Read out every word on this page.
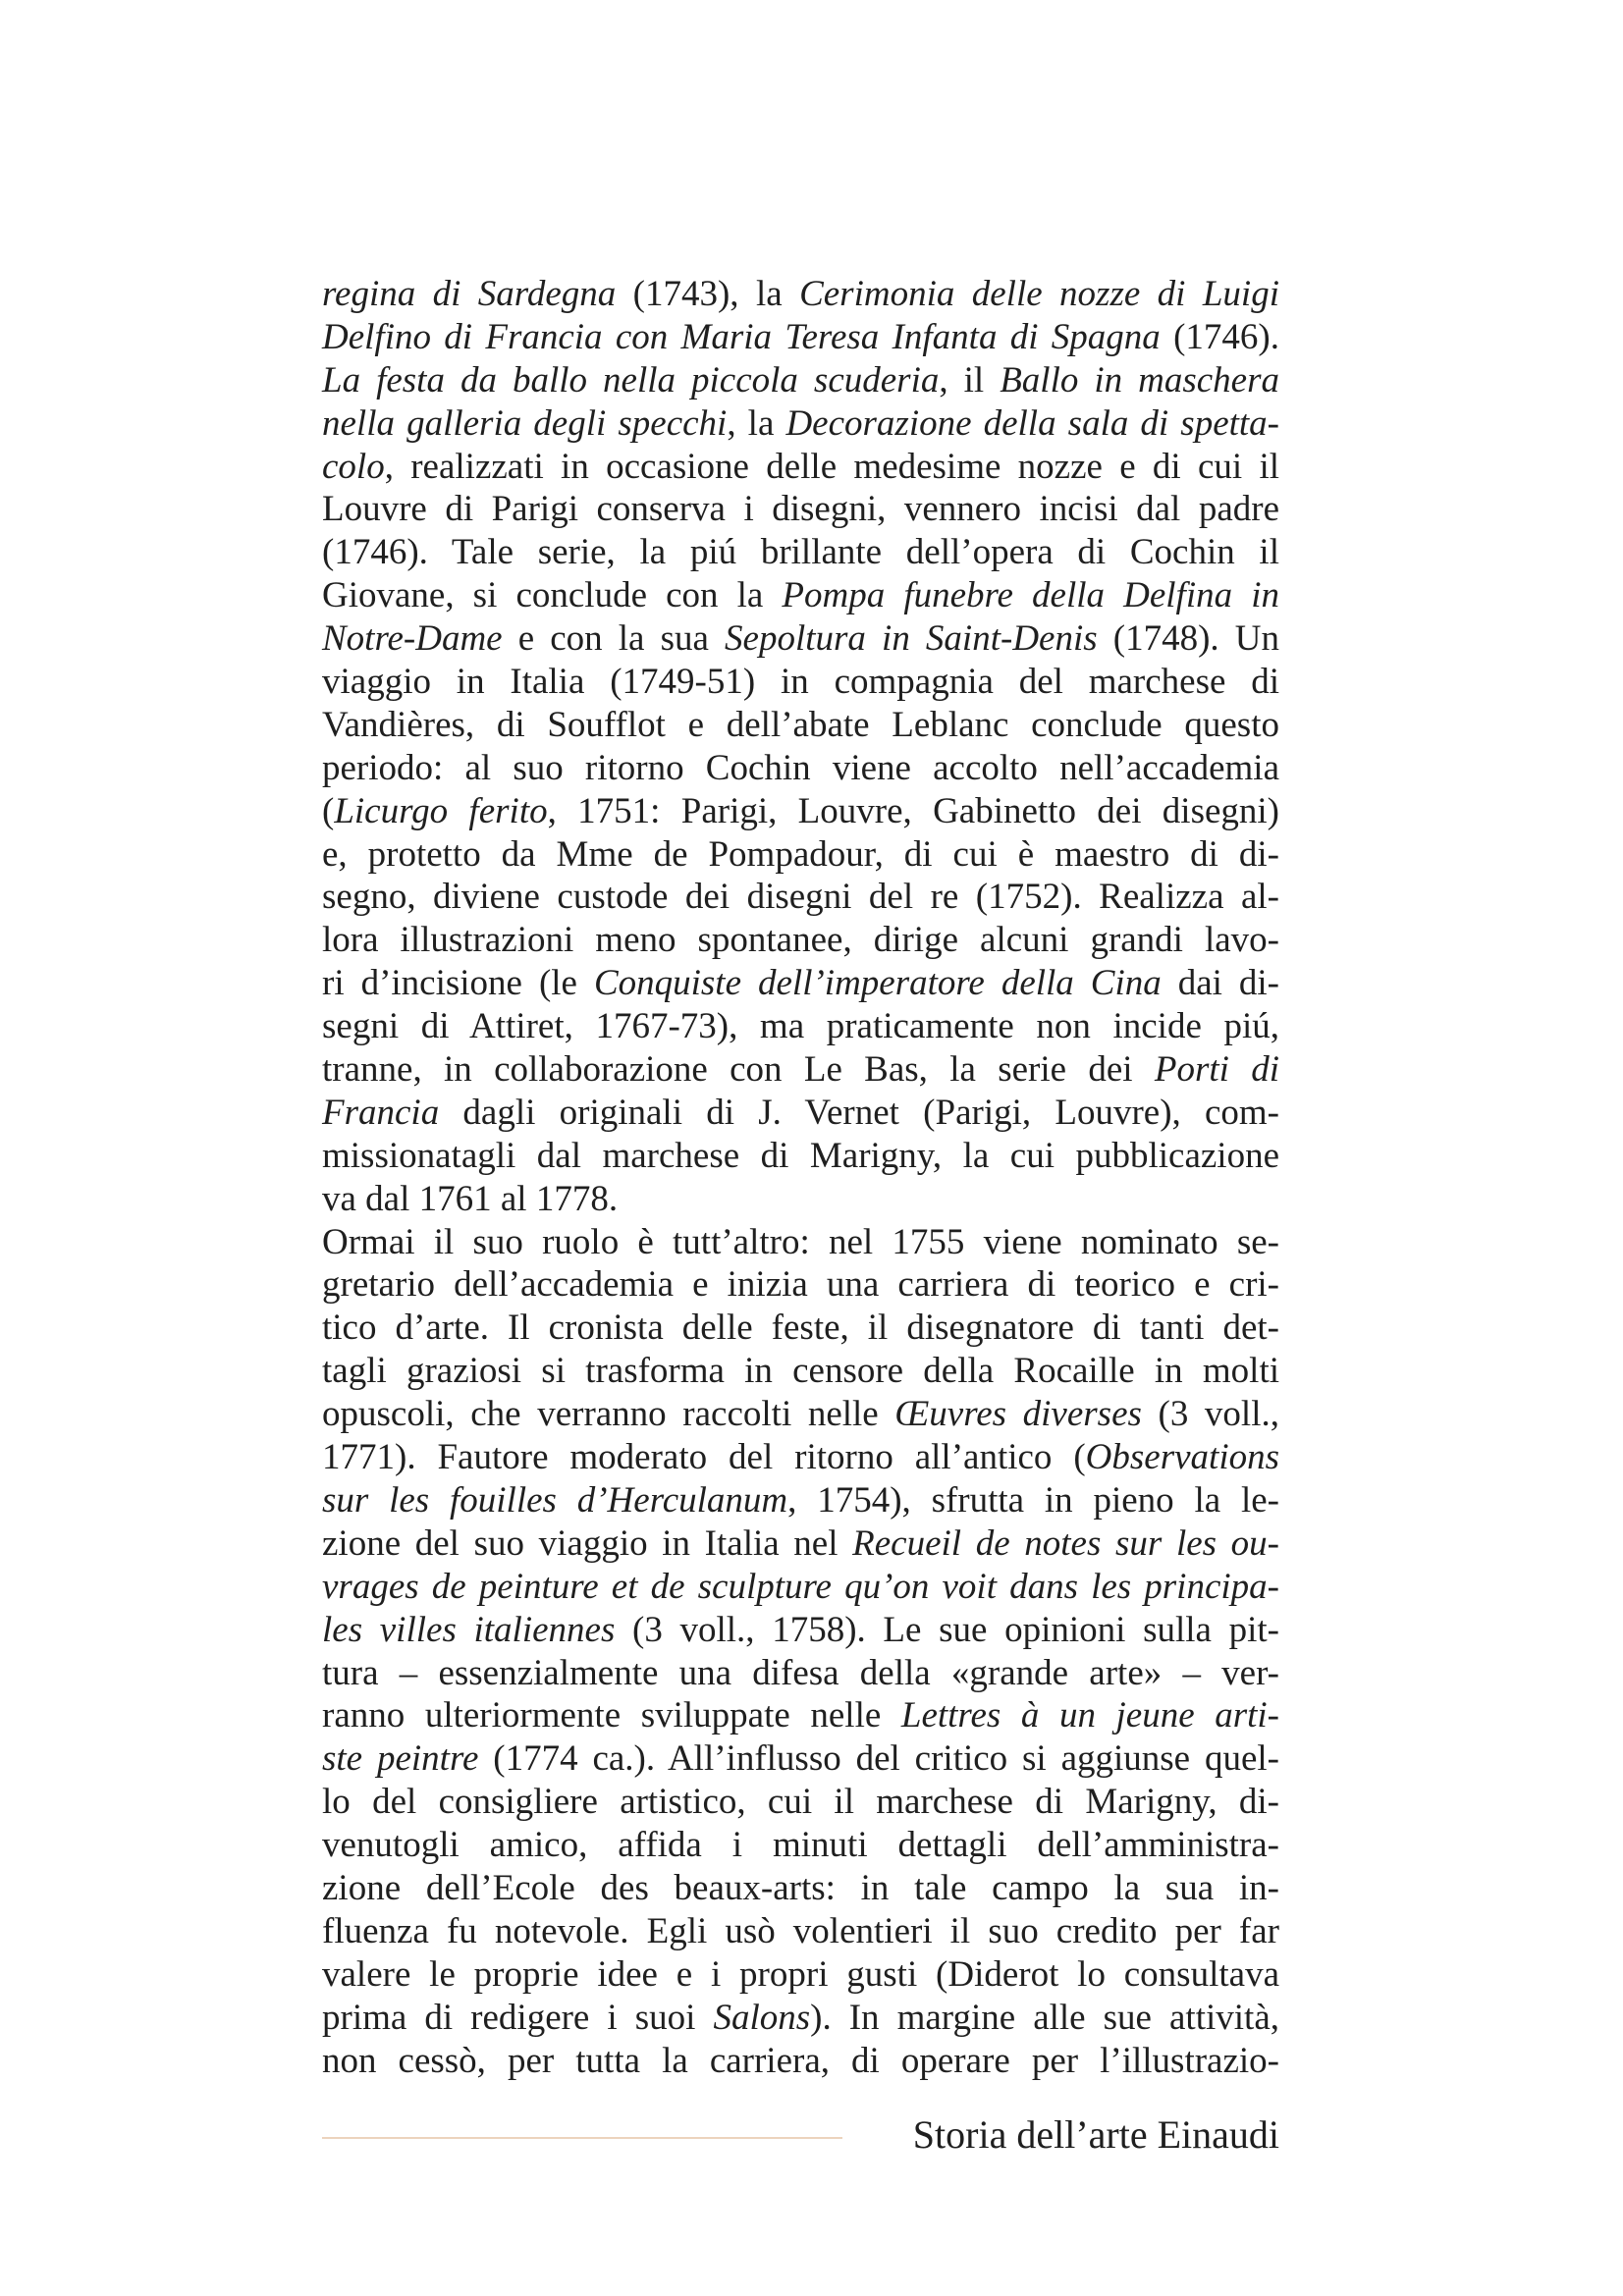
regina di Sardegna (1743), la Cerimonia delle nozze di Luigi
Delfino di Francia con Maria Teresa Infanta di Spagna (1746).
La festa da ballo nella piccola scuderia, il Ballo in maschera
nella galleria degli specchi, la Decorazione della sala di spetta-
colo, realizzati in occasione delle medesime nozze e di cui il
Louvre di Parigi conserva i disegni, vennero incisi dal padre
(1746). Tale serie, la piú brillante dell’opera di Cochin il
Giovane, si conclude con la Pompa funebre della Delfina in
Notre-Dame e con la sua Sepoltura in Saint-Denis (1748). Un
viaggio in Italia (1749-51) in compagnia del marchese di
Vandières, di Soufflot e dell’abate Leblanc conclude questo
periodo: al suo ritorno Cochin viene accolto nell’accademia
(Licurgo ferito, 1751: Parigi, Louvre, Gabinetto dei disegni)
e, protetto da Mme de Pompadour, di cui è maestro di di-
segno, diviene custode dei disegni del re (1752). Realizza al-
lora illustrazioni meno spontanee, dirige alcuni grandi lavo-
ri d’incisione (le Conquiste dell’imperatore della Cina dai di-
segni di Attiret, 1767-73), ma praticamente non incide piú,
tranne, in collaborazione con Le Bas, la serie dei Porti di
Francia dagli originali di J. Vernet (Parigi, Louvre), com-
missionatagli dal marchese di Marigny, la cui pubblicazione
va dal 1761 al 1778.
Ormai il suo ruolo è tutt’altro: nel 1755 viene nominato se-
gretario dell’accademia e inizia una carriera di teorico e cri-
tico d’arte. Il cronista delle feste, il disegnatore di tanti det-
tagli graziosi si trasforma in censore della Rocaille in molti
opuscoli, che verranno raccolti nelle Œuvres diverses (3 voll.,
1771). Fautore moderato del ritorno all’antico (Observations
sur les fouilles d’Herculanum, 1754), sfrutta in pieno la le-
zione del suo viaggio in Italia nel Recueil de notes sur les ou-
vrages de peinture et de sculpture qu’on voit dans les principa-
les villes italiennes (3 voll., 1758). Le sue opinioni sulla pit-
tura – essenzialmente una difesa della «grande arte» – ver-
ranno ulteriormente sviluppate nelle Lettres à un jeune arti-
ste peintre (1774 ca.). All’influsso del critico si aggiunse quel-
lo del consigliere artistico, cui il marchese di Marigny, di-
venutogli amico, affida i minuti dettagli dell’amministra-
zione dell’Ecole des beaux-arts: in tale campo la sua in-
fluenza fu notevole. Egli usò volentieri il suo credito per far
valere le proprie idee e i propri gusti (Diderot lo consultava
prima di redigere i suoi Salons). In margine alle sue attività,
non cessò, per tutta la carriera, di operare per l’illustrazio-
Storia dell’arte Einaudi
